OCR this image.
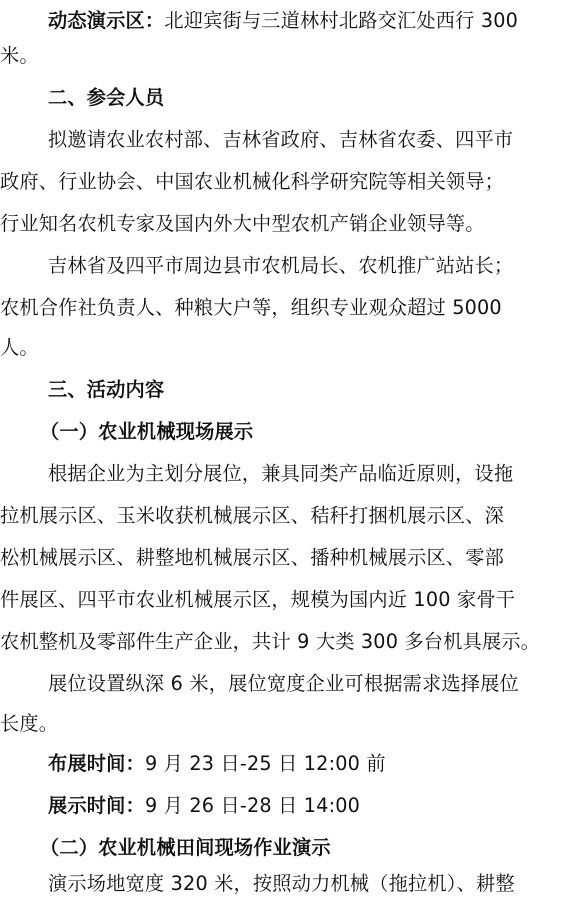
动态演示区：北迎宾街与三道林村北路交汇处西行 300
米。
二、参会人员
拟邀请农业农村部、吉林省政府、吉林省农委、四平市
政府、行业协会、中国农业机械化科学研究院等相关领导；
行业知名农机专家及国内外大中型农机产销企业领导等。
吉林省及四平市周边县市农机局长、农机推广站站长；
农机合作社负责人、种粮大户等，组织专业观众超过 5000
人。
三、活动内容
（一）农业机械现场展示
根据企业为主划分展位，兼具同类产品临近原则，设拖
拉机展示区、玉米收获机械展示区、秸秆打捆机展示区、深
松机械展示区、耕整地机械展示区、播种机械展示区、零部
件展区、四平市农业机械展示区，规模为国内近 100 家骨干
农机整机及零部件生产企业，共计 9 大类 300 多台机具展示。
展位设置纵深 6 米，展位宽度企业可根据需求选择展位
长度。
布展时间：9 月 23 日-25 日 12:00 前
展示时间：9 月 26 日-28 日 14:00
（二）农业机械田间现场作业演示
演示场地宽度 320 米，按照动力机械（拖拉机）、耕整
